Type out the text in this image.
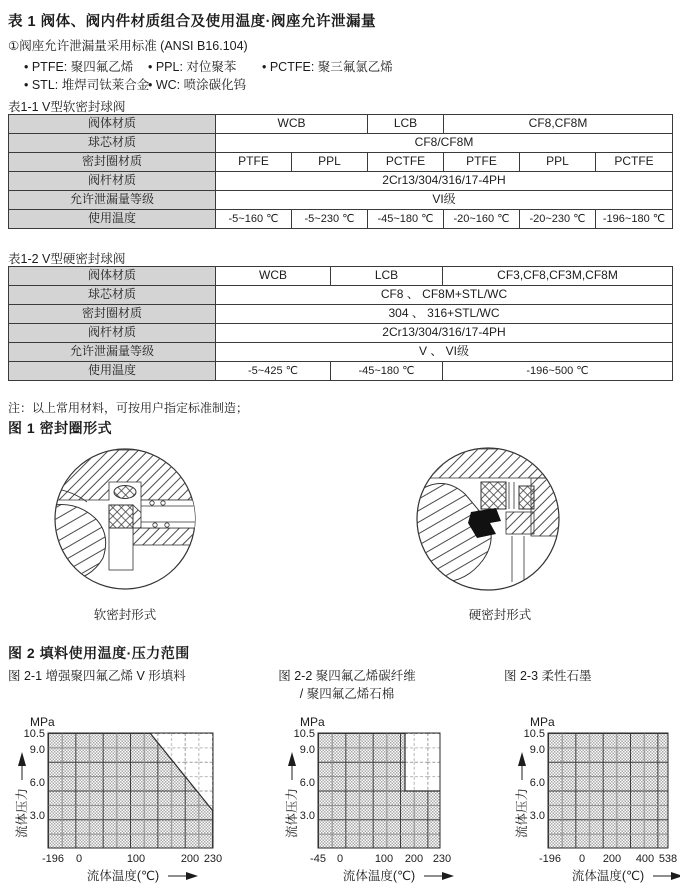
表 1 阀体、阀内件材质组合及使用温度·阀座允许泄漏量
①阀座允许泄漏量采用标准 (ANSI B16.104)
• PTFE: 聚四氟乙烯 • PPL: 对位聚苯 • PCTFE: 聚三氟氯乙烯
• STL: 堆焊司钛莱合金
• WC: 喷涂碳化钨
表1-1 V型软密封球阀
阀体材质	WCB		LCB	CF8,CF8M		
球芯材质	CF8/CF8M					
密封圈材质	PTFE	PPL	PCTFE	PTFE	PPL	PCTFE
阀杆材质	2Cr13/304/316/17-4PH					
允许泄漏量等级	VI级					
使用温度	-5~160 ℃	-5~230 ℃	-45~180 ℃	-20~160 ℃	-20~230 ℃	-196~180 ℃
表1-2 V型硬密封球阀
阀体材质	WCB	LCB	CF3,CF8,CF3M,CF8M
球芯材质	CF8 、 CF8M+STL/WC		
密封圈材质	304 、 316+STL/WC		
阀杆材质	2Cr13/304/316/17-4PH		
允许泄漏量等级	V 、 VI级		
使用温度	-5~425 ℃	-45~180 ℃	-196~500 ℃
注：以上常用材料，可按用户指定标准制造；
图 1 密封圈形式
软密封形式	硬密封形式
图 2 填料使用温度·压力范围
图 2-1 增强聚四氟乙烯 V 形填料	图 2-2 聚四氟乙烯碳纤维
/ 聚四氟乙烯石棉
图 2-3 柔性石墨
MPa
10.5
9.0
6.0
3.0
流体压力
-196 0	100	200 230
流体温度(℃)
MPa
10.5
9.0
6.0
3.0
流体压力
-45 0	100 200 230
流体温度(℃)
MPa
10.5
9.0
6.0
3.0
流体压力
-196 0 200 400 538
流体温度(℃)
